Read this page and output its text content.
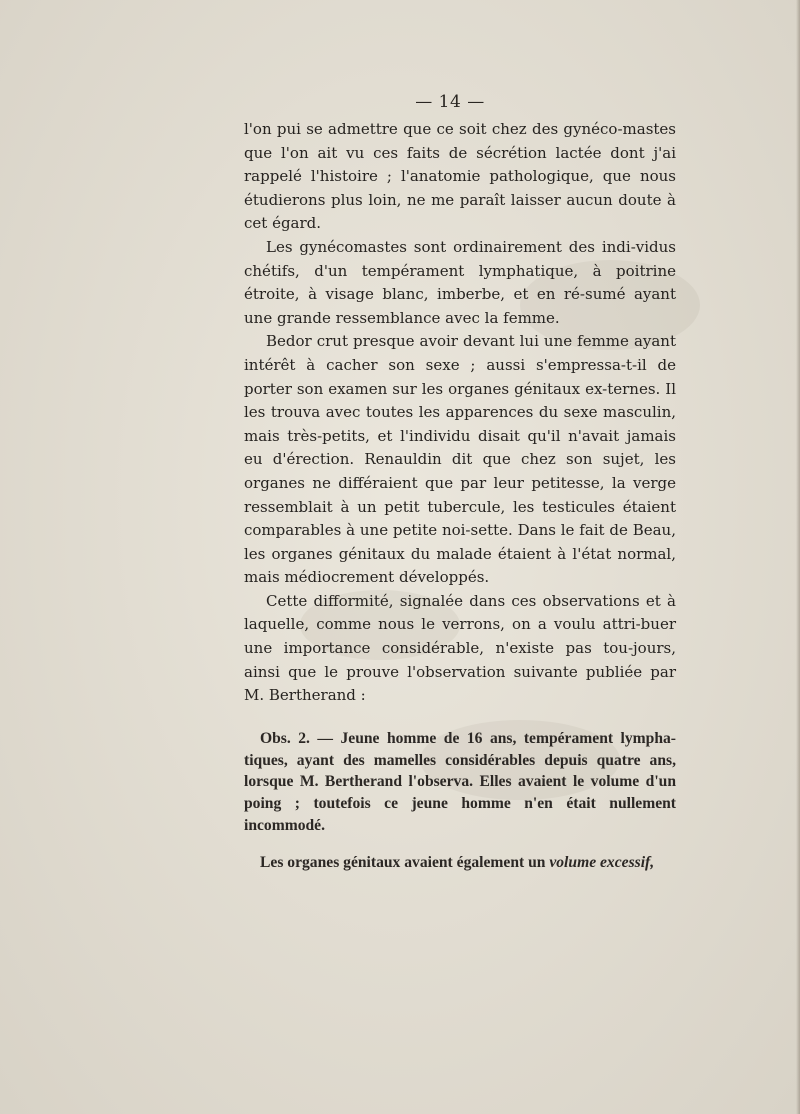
— 14 —

l'on pui se admettre que ce soit chez des gynéco-mastes que l'on ait vu ces faits de sécrétion lactée dont j'ai rappelé l'histoire ; l'anatomie pathologique, que nous étudierons plus loin, ne me paraît laisser aucun doute à cet égard.

Les gynécomastes sont ordinairement des indi-vidus chétifs, d'un tempérament lymphatique, à poitrine étroite, à visage blanc, imberbe, et en ré-sumé ayant une grande ressemblance avec la femme.

Bedor crut presque avoir devant lui une femme ayant intérêt à cacher son sexe ; aussi s'empressa-t-il de porter son examen sur les organes génitaux ex-ternes. Il les trouva avec toutes les apparences du sexe masculin, mais très-petits, et l'individu disait qu'il n'avait jamais eu d'érection. Renauldin dit que chez son sujet, les organes ne différaient que par leur petitesse, la verge ressemblait à un petit tubercule, les testicules étaient comparables à une petite noi-sette. Dans le fait de Beau, les organes génitaux du malade étaient à l'état normal, mais médiocrement développés.

Cette difformité, signalée dans ces observations et à laquelle, comme nous le verrons, on a voulu attri-buer une importance considérable, n'existe pas tou-jours, ainsi que le prouve l'observation suivante publiée par M. Bertherand :

Obs. 2. — Jeune homme de 16 ans, tempérament lympha-tiques, ayant des mamelles considérables depuis quatre ans, lorsque M. Bertherand l'observa. Elles avaient le volume d'un poing ; toutefois ce jeune homme n'en était nullement incommodé.

Les organes génitaux avaient également un volume excessif,
